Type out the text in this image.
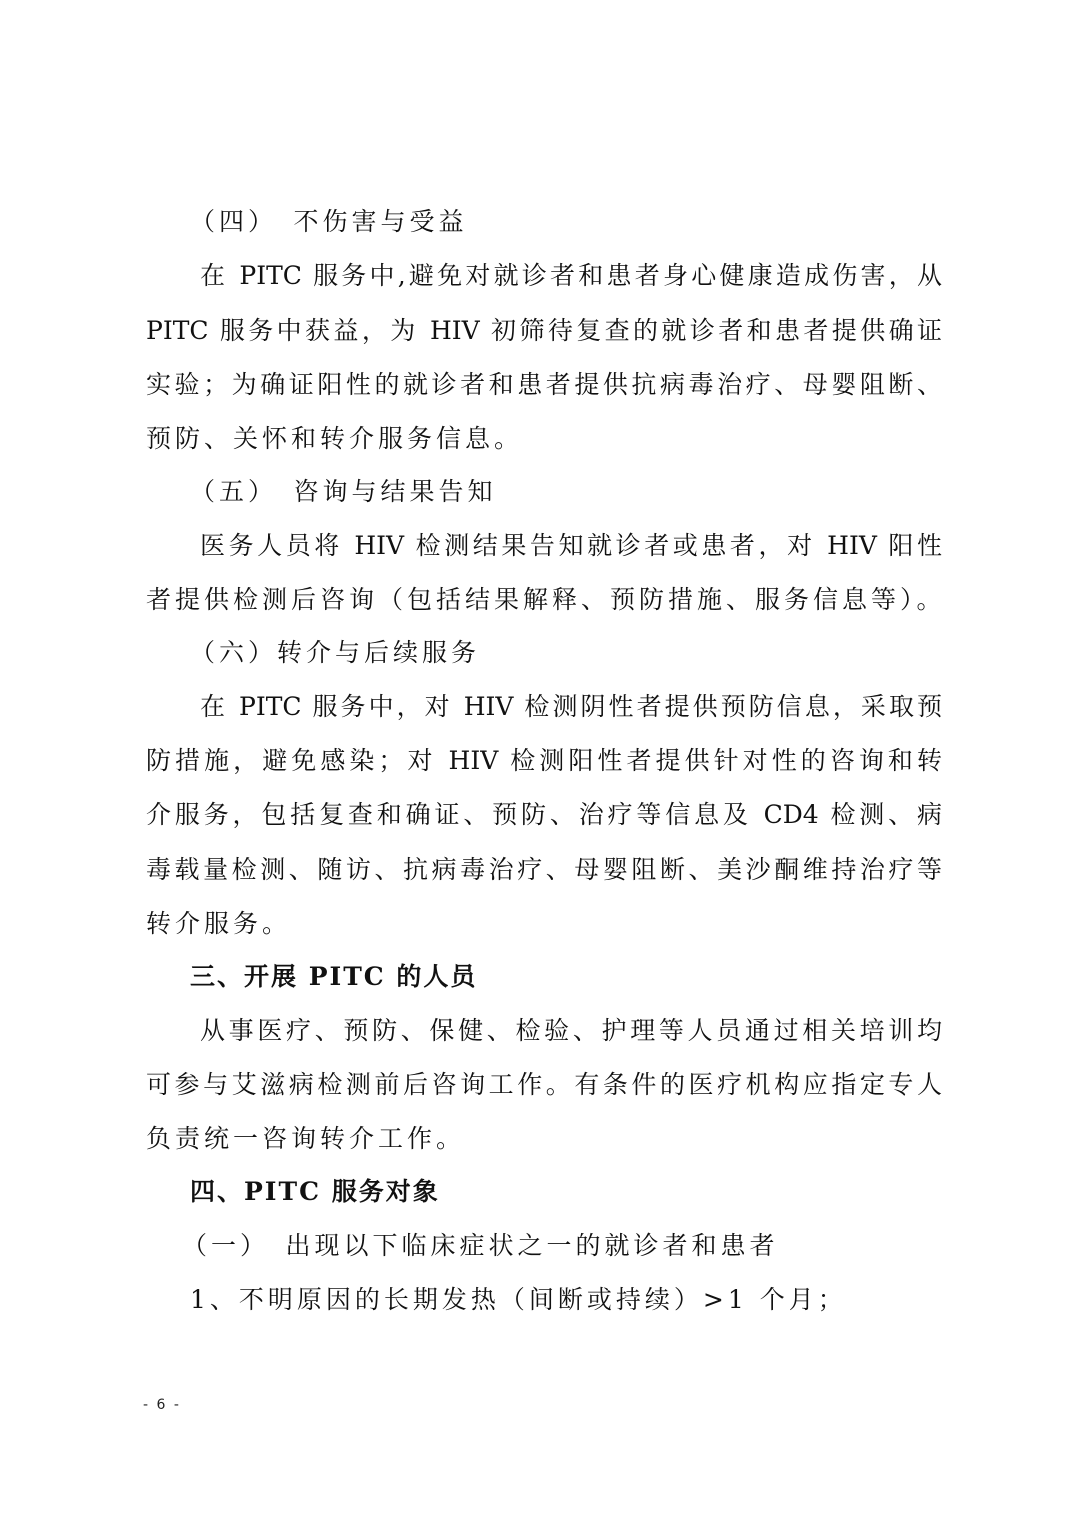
（四）　不伤害与受益
在 PITC 服务中,避免对就诊者和患者身心健康造成伤害，从
PITC 服务中获益，为 HIV 初筛待复查的就诊者和患者提供确证
实验；为确证阳性的就诊者和患者提供抗病毒治疗、母婴阻断、
预防、关怀和转介服务信息。
（五）　咨询与结果告知
医务人员将 HIV 检测结果告知就诊者或患者，对 HIV 阳性
者提供检测后咨询（包括结果解释、预防措施、服务信息等）。
（六）转介与后续服务
在 PITC 服务中，对 HIV 检测阴性者提供预防信息，采取预
防措施，避免感染；对 HIV 检测阳性者提供针对性的咨询和转
介服务，包括复查和确证、预防、治疗等信息及 CD4 检测、病
毒载量检测、随访、抗病毒治疗、母婴阻断、美沙酮维持治疗等
转介服务。
三、开展 PITC 的人员
从事医疗、预防、保健、检验、护理等人员通过相关培训均
可参与艾滋病检测前后咨询工作。有条件的医疗机构应指定专人
负责统一咨询转介工作。
四、PITC 服务对象
（一）　出现以下临床症状之一的就诊者和患者
1、不明原因的长期发热（间断或持续）>1 个月；
- 6 -
